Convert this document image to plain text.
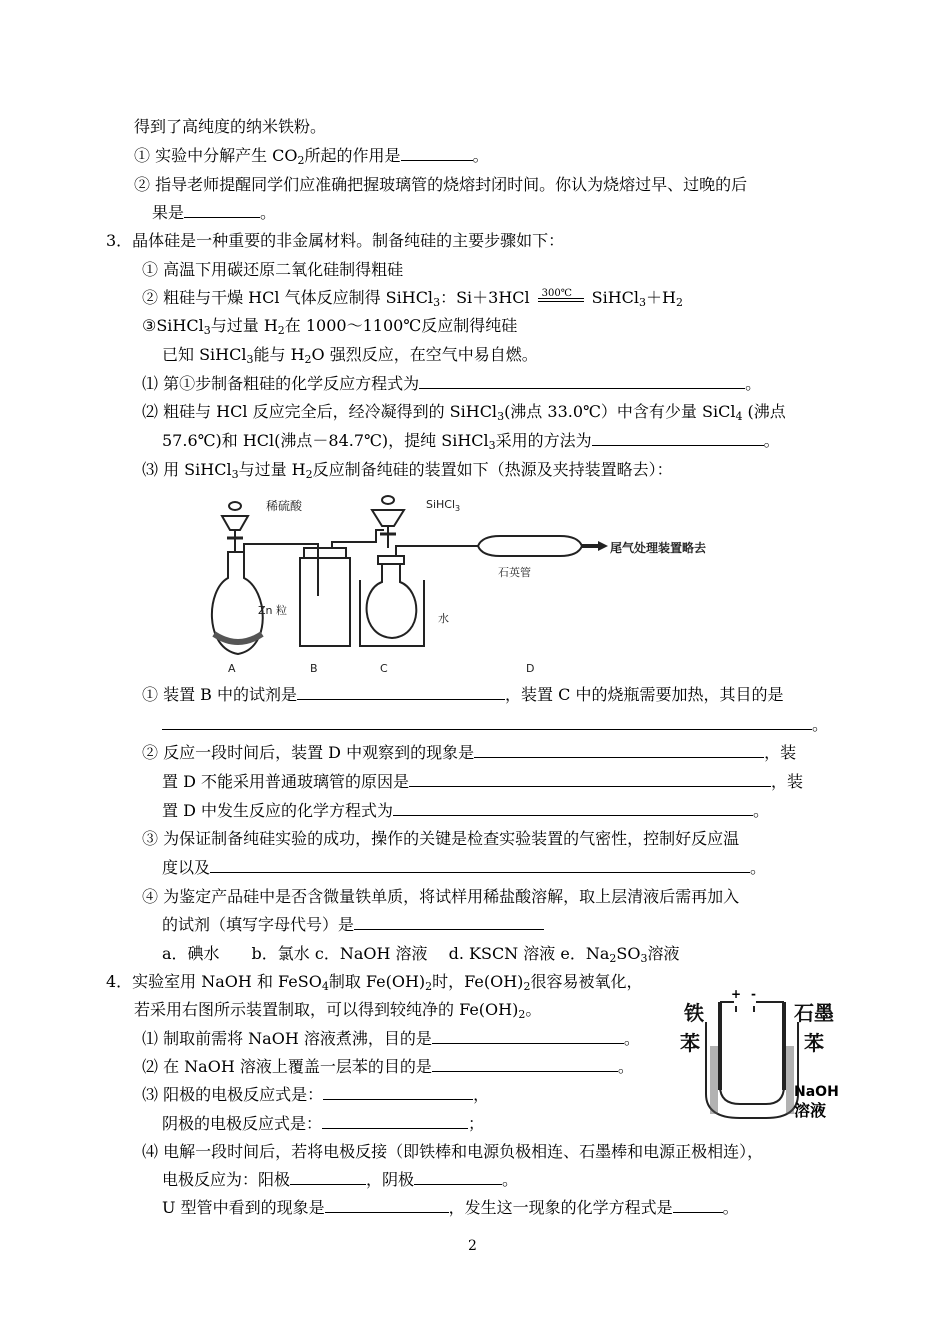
得到了高纯度的纳米铁粉。
① 实验中分解产生 $CO_2$所起的作用是	。
② 指导老师提醒同学们应准确把握玻璃管的烧熔封闭时间。你认为烧熔过早、过晚的后
果是	。
3．晶体硅是一种重要的非金属材料。制备纯硅的主要步骤如下：
① 高温下用碳还原二氧化硅制得粗硅
② 粗硅与干燥 HCl 气体反应制得 SiHCl$_3$：Si＋3HCl 300℃ $SiHCl_3+H_2$
③SiHCl$_3$与过量 $H_2$在 1000～1100℃反应制得纯硅
已知 SiHCl$_3$能与 $H_2O$ 强烈反应，在空气中易自燃。
⑴ 第①步制备粗硅的化学反应方程式为	。
⑵ 粗硅与 HCl 反应完全后，经冷凝得到的 SiHCl$_3$(沸点 33.0℃）中含有少量 SiCl$_4$ (沸点
57.6℃)和 HCl(沸点－84.7℃)，提纯 SiHCl$_3$采用的方法为	。
⑶ 用 SiHCl$_3$与过量 $H_2$反应制备纯硅的装置如下（热源及夹持装置略去）：
稀硫酸	SiHCl$_3$
Zn 粒
水
石英管
尾气处理装置略去
A	B	C	D
① 装置 B 中的试剂是	，装置 C 中的烧瓶需要加热，其目的是
。
② 反应一段时间后，装置 D 中观察到的现象是	，装
置 D 不能采用普通玻璃管的原因是	，装
置 D 中发生反应的化学方程式为	。
③ 为保证制备纯硅实验的成功，操作的关键是检查实验装置的气密性，控制好反应温
度以及	。
④ 为鉴定产品硅中是否含微量铁单质，将试样用稀盐酸溶解，取上层清液后需再加入
的试剂（填写字母代号）是
a．碘水　　b．氯水 c．NaOH 溶液　 d. KSCN 溶液 e．$Na_2SO_3$溶液
4．实验室用 NaOH 和 FeSO$_4$制取 $Fe(OH)_2$时，$Fe(OH)_2$很容易被氧化，
若采用右图所示装置制取，可以得到较纯净的 $Fe(OH)_2$。
⑴ 制取前需将 NaOH 溶液煮沸，目的是	。
⑵ 在 NaOH 溶液上覆盖一层苯的目的是	。
⑶ 阳极的电极反应式是：	，
阴极的电极反应式是：	；
⑷ 电解一段时间后，若将电极反接（即铁棒和电源负极相连、石墨棒和电源正极相连），
电极反应为：阳极	，阴极	。
U 型管中看到的现象是	，发生这一现象的化学方程式是	。
铁	石墨
苯	苯
+ -
NaOH
溶液
2
